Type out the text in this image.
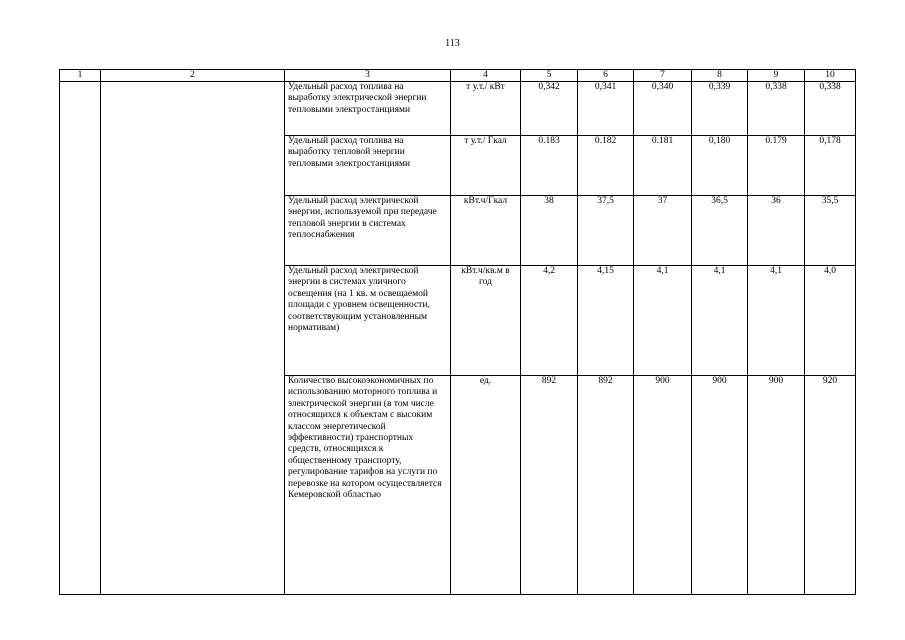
113
1	2	3	4	5	6	7	8	9	10
		Удельный расход топлива на выработку электрической энергии тепловыми электростанциями	т у.т./ кВт	0,342	0,341	0,340	0,339	0,338	0,338
		Удельный расход топлива на выработку тепловой энергии тепловыми электростанциями	т у.т./ Гкал	0.183	0.182	0.181	0,180	0.179	0,178
		Удельный расход электрической энергии, используемой при передаче тепловой энергии в системах теплоснабжения	кВт.ч/Гкал	38	37,5	37	36,5	36	35,5
		Удельный расход электрической энергии в системах уличного освещения (на 1 кв. м освещаемой площади с уровнем освещенности, соответствующим установленным нормативам)	кВт.ч/кв.м в год	4,2	4,15	4,1	4,1	4,1	4,0
		Количество высокоэкономичных по использованию моторного топлива и электрической энергии (в том числе относящихся к объектам с высоким классом энергетической эффективности) транспортных средств, относящихся к общественному транспорту, регулирование тарифов на услуги по перевозке на котором осуществляется Кемеровской областью	ед.	892	892	900	900	900	920
